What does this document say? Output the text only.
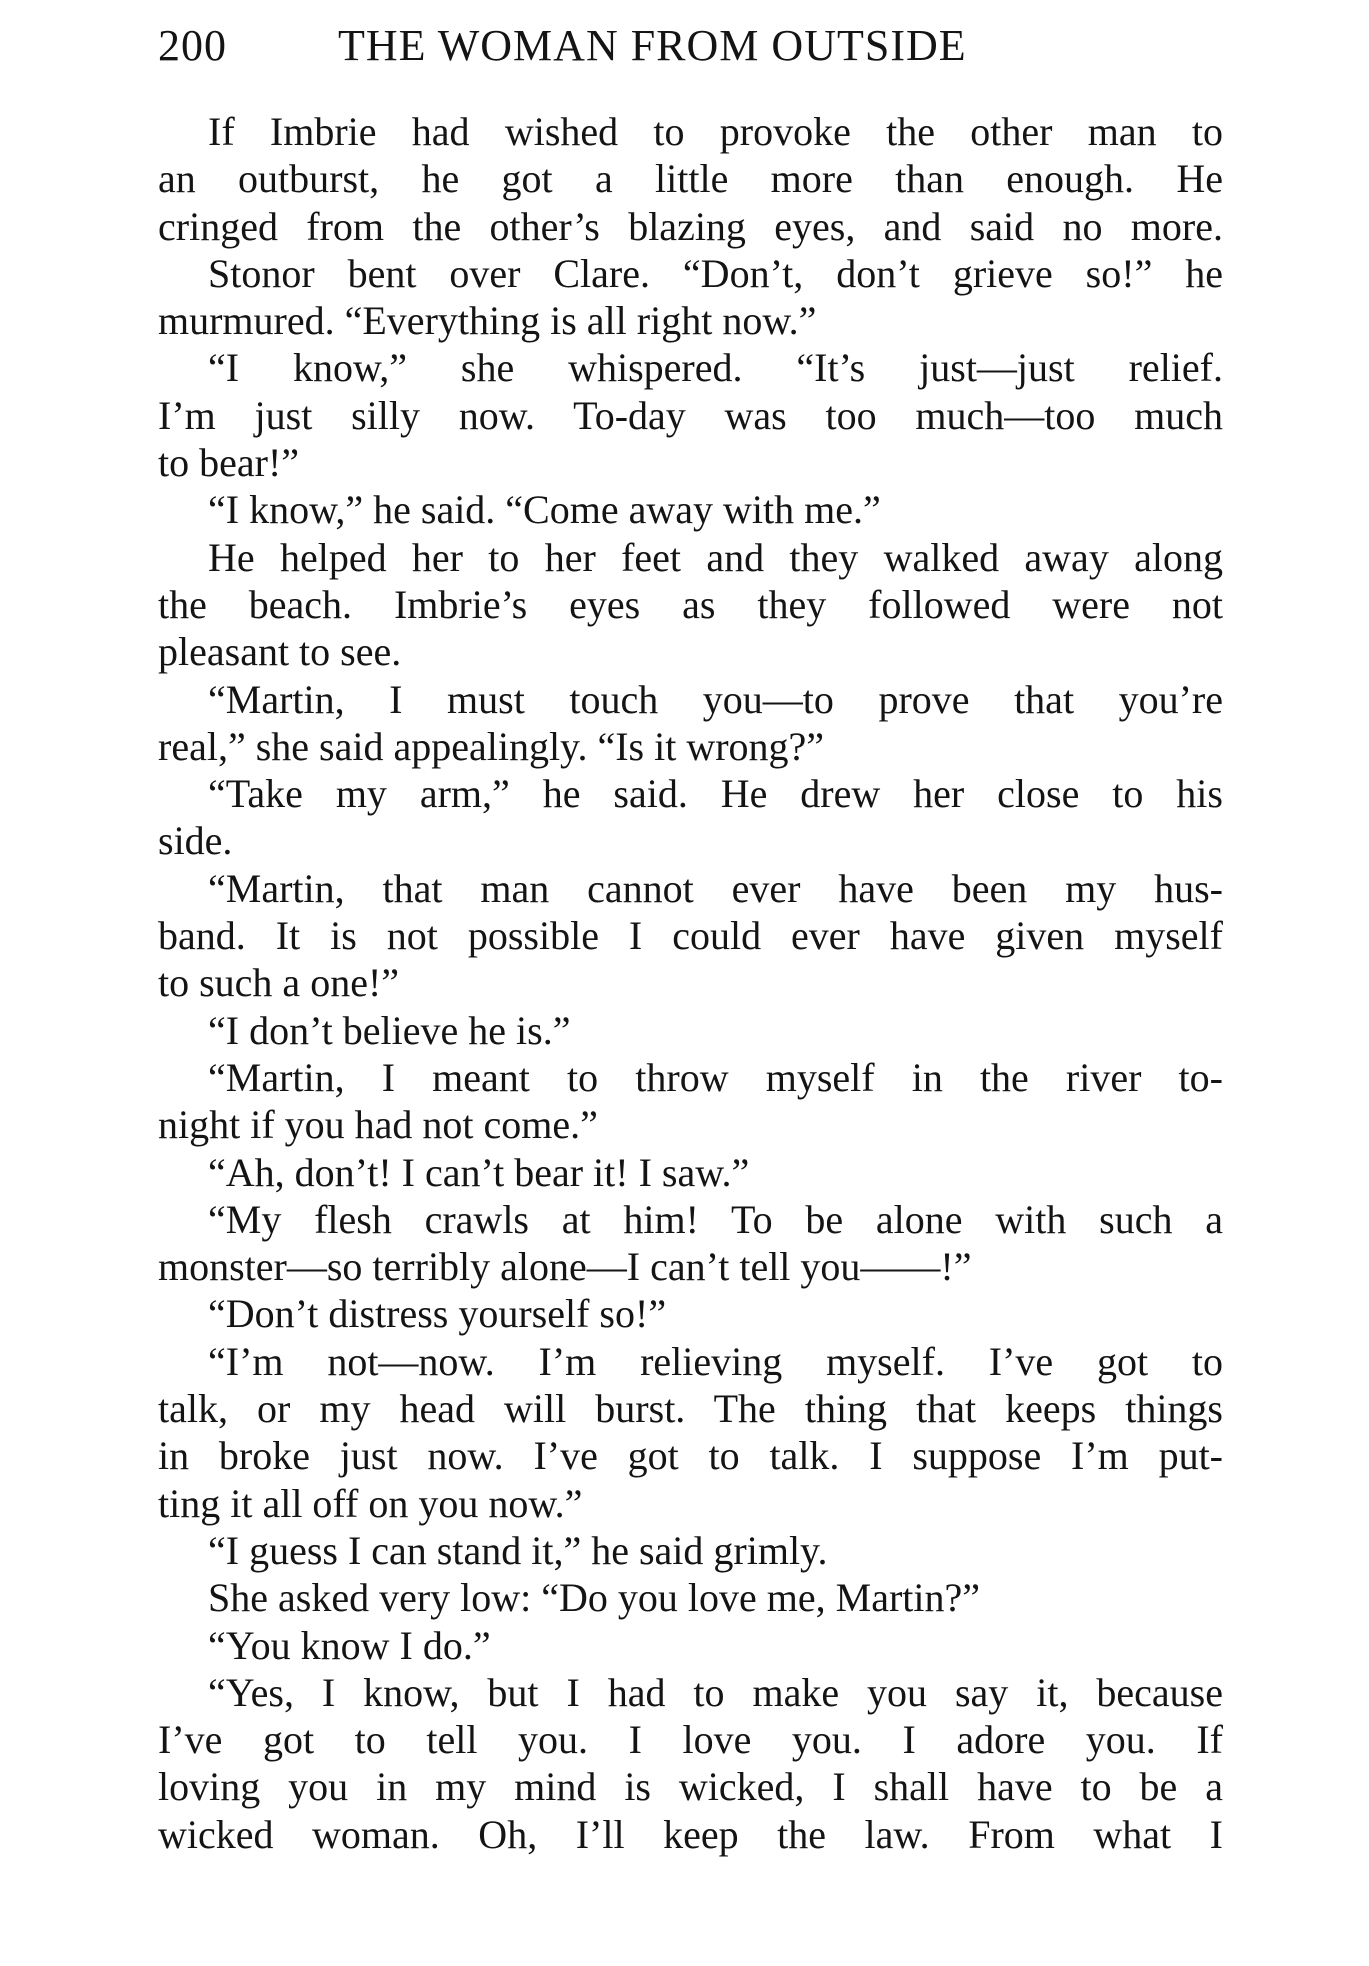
200	THE WOMAN FROM OUTSIDE
If Imbrie had wished to provoke the other man to
an outburst, he got a little more than enough. He
cringed from the other’s blazing eyes, and said no more.
Stonor bent over Clare. “Don’t, don’t grieve so!” he
murmured. “Everything is all right now.”
“I know,” she whispered. “It’s just—just relief.
I’m just silly now. To-day was too much—too much
to bear!”
“I know,” he said. “Come away with me.”
He helped her to her feet and they walked away along
the beach. Imbrie’s eyes as they followed were not
pleasant to see.
“Martin, I must touch you—to prove that you’re
real,” she said appealingly. “Is it wrong?”
“Take my arm,” he said. He drew her close to his
side.
“Martin, that man cannot ever have been my hus-
band. It is not possible I could ever have given myself
to such a one!”
“I don’t believe he is.”
“Martin, I meant to throw myself in the river to-
night if you had not come.”
“Ah, don’t! I can’t bear it! I saw.”
“My flesh crawls at him! To be alone with such a
monster—so terribly alone—I can’t tell you——!”
“Don’t distress yourself so!”
“I’m not—now. I’m relieving myself. I’ve got to
talk, or my head will burst. The thing that keeps things
in broke just now. I’ve got to talk. I suppose I’m put-
ting it all off on you now.”
“I guess I can stand it,” he said grimly.
She asked very low: “Do you love me, Martin?”
“You know I do.”
“Yes, I know, but I had to make you say it, because
I’ve got to tell you. I love you. I adore you. If
loving you in my mind is wicked, I shall have to be a
wicked woman. Oh, I’ll keep the law. From what I
